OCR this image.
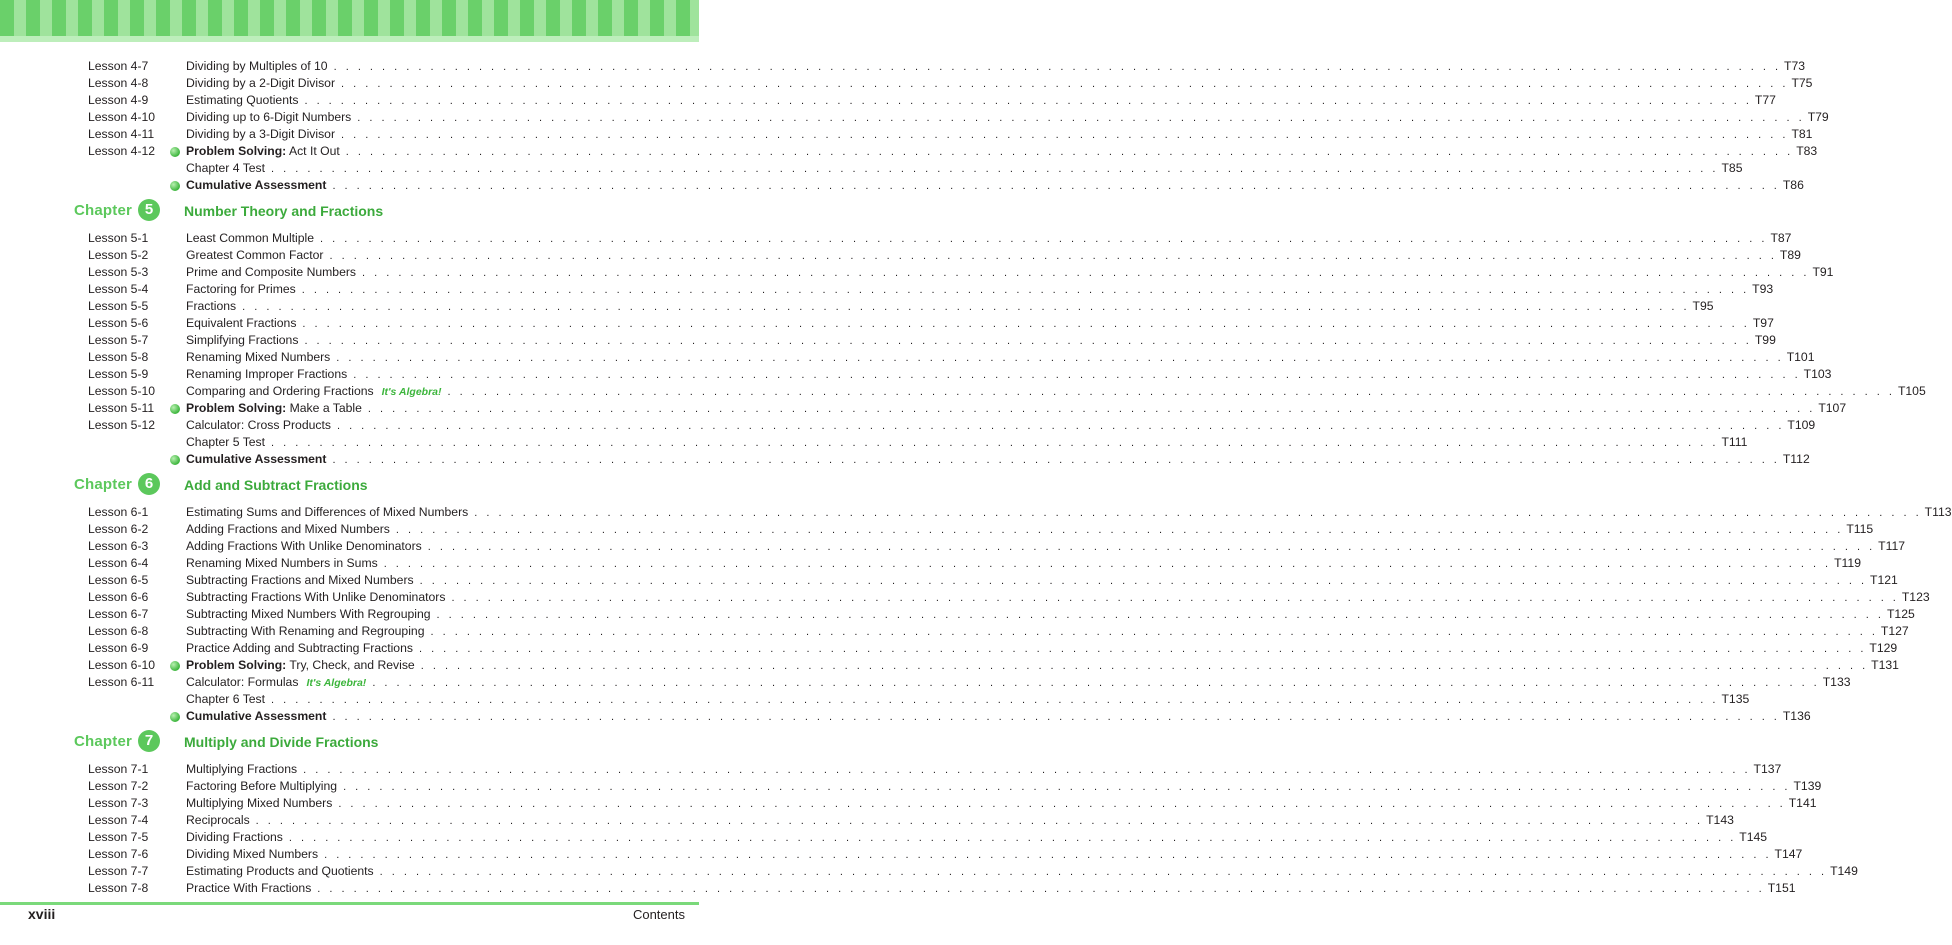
Lesson 4-7	Dividing by Multiples of 10 . . . . . . . . . . . . . . . . . . . . . . . . . . . . . . . . . . . . . . . . . . . . . . . . . . . . . . . . . . . . . . . . . . . . . . . . . . . . . . . . . . . . . . . . . . . . . . . . . . . . . . . . . . . . . . . . . . . . . . . . T73
Lesson 4-8	Dividing by a 2-Digit Divisor . . . . . . . . . . . . . . . . . . . . . . . . . . . . . . . . . . . . . . . . . . . . . . . . . . . . . . . . . . . . . . . . . . . . . . . . . . . . . . . . . . . . . . . . . . . . . . . . . . . . . . . . . . . . . . . . . . . . . . . . T75
Lesson 4-9	Estimating Quotients . . . . . . . . . . . . . . . . . . . . . . . . . . . . . . . . . . . . . . . . . . . . . . . . . . . . . . . . . . . . . . . . . . . . . . . . . . . . . . . . . . . . . . . . . . . . . . . . . . . . . . . . . . . . . . . . . . . . . . . . T77
Lesson 4-10	Dividing up to 6-Digit Numbers . . . . . . . . . . . . . . . . . . . . . . . . . . . . . . . . . . . . . . . . . . . . . . . . . . . . . . . . . . . . . . . . . . . . . . . . . . . . . . . . . . . . . . . . . . . . . . . . . . . . . . . . . . . . . . . . . . . . . . . . T79
Lesson 4-11	Dividing by a 3-Digit Divisor . . . . . . . . . . . . . . . . . . . . . . . . . . . . . . . . . . . . . . . . . . . . . . . . . . . . . . . . . . . . . . . . . . . . . . . . . . . . . . . . . . . . . . . . . . . . . . . . . . . . . . . . . . . . . . . . . . . . . . . . T81
Lesson 4-12	Problem Solving: Act It Out . . . . . . . . . . . . . . . . . . . . . . . . . . . . . . . . . . . . . . . . . . . . . . . . . . . . . . . . . . . . . . . . . . . . . . . . . . . . . . . . . . . . . . . . . . . . . . . . . . . . . . . . . . . . . . . . . . . . . . . . T83
Chapter 4 Test . . . . . . . . . . . . . . . . . . . . . . . . . . . . . . . . . . . . . . . . . . . . . . . . . . . . . . . . . . . . . . . . . . . . . . . . . . . . . . . . . . . . . . . . . . . . . . . . . . . . . . . . . . . . . . . . . . . . . . . . T85
Cumulative Assessment . . . . . . . . . . . . . . . . . . . . . . . . . . . . . . . . . . . . . . . . . . . . . . . . . . . . . . . . . . . . . . . . . . . . . . . . . . . . . . . . . . . . . . . . . . . . . . . . . . . . . . . . . . . . . . . . . . . . . . . . T86
Chapter 5	Number Theory and Fractions
Lesson 5-1	Least Common Multiple . . . . . . . . . . . . . . . . . . . . . . . . . . . . . . . . . . . . . . . . . . . . . . . . . . . . . . . . . . . . . . . . . . . . . . . . . . . . . . . . . . . . . . . . . . . . . . . . . . . . . . . . . . . . . . . . . . . . . . . . T87
Lesson 5-2	Greatest Common Factor . . . . . . . . . . . . . . . . . . . . . . . . . . . . . . . . . . . . . . . . . . . . . . . . . . . . . . . . . . . . . . . . . . . . . . . . . . . . . . . . . . . . . . . . . . . . . . . . . . . . . . . . . . . . . . . . . . . . . . . . T89
Lesson 5-3	Prime and Composite Numbers . . . . . . . . . . . . . . . . . . . . . . . . . . . . . . . . . . . . . . . . . . . . . . . . . . . . . . . . . . . . . . . . . . . . . . . . . . . . . . . . . . . . . . . . . . . . . . . . . . . . . . . . . . . . . . . . . . . . . . . . T91
Lesson 5-4	Factoring for Primes . . . . . . . . . . . . . . . . . . . . . . . . . . . . . . . . . . . . . . . . . . . . . . . . . . . . . . . . . . . . . . . . . . . . . . . . . . . . . . . . . . . . . . . . . . . . . . . . . . . . . . . . . . . . . . . . . . . . . . . . T93
Lesson 5-5	Fractions . . . . . . . . . . . . . . . . . . . . . . . . . . . . . . . . . . . . . . . . . . . . . . . . . . . . . . . . . . . . . . . . . . . . . . . . . . . . . . . . . . . . . . . . . . . . . . . . . . . . . . . . . . . . . . . . . . . . . . . . T95
Lesson 5-6	Equivalent Fractions . . . . . . . . . . . . . . . . . . . . . . . . . . . . . . . . . . . . . . . . . . . . . . . . . . . . . . . . . . . . . . . . . . . . . . . . . . . . . . . . . . . . . . . . . . . . . . . . . . . . . . . . . . . . . . . . . . . . . . . . T97
Lesson 5-7	Simplifying Fractions . . . . . . . . . . . . . . . . . . . . . . . . . . . . . . . . . . . . . . . . . . . . . . . . . . . . . . . . . . . . . . . . . . . . . . . . . . . . . . . . . . . . . . . . . . . . . . . . . . . . . . . . . . . . . . . . . . . . . . . . T99
Lesson 5-8	Renaming Mixed Numbers . . . . . . . . . . . . . . . . . . . . . . . . . . . . . . . . . . . . . . . . . . . . . . . . . . . . . . . . . . . . . . . . . . . . . . . . . . . . . . . . . . . . . . . . . . . . . . . . . . . . . . . . . . . . . . . . . . . . . . . . T101
Lesson 5-9	Renaming Improper Fractions . . . . . . . . . . . . . . . . . . . . . . . . . . . . . . . . . . . . . . . . . . . . . . . . . . . . . . . . . . . . . . . . . . . . . . . . . . . . . . . . . . . . . . . . . . . . . . . . . . . . . . . . . . . . . . . . . . . . . . . . T103
Lesson 5-10	Comparing and Ordering Fractions It's Algebra! . . . . . . . . . . . . . . . . . . . . . . . . . . . . . . . . . . . . . . . . . . . . . . . . . . . . . . . . . . . . . . . . . . . . . . . . . . . . . . . . . . . . . . . . . . . . . . . . . . . . . . . . . . . . . . . . . . . . . . . . T105
Lesson 5-11	Problem Solving: Make a Table . . . . . . . . . . . . . . . . . . . . . . . . . . . . . . . . . . . . . . . . . . . . . . . . . . . . . . . . . . . . . . . . . . . . . . . . . . . . . . . . . . . . . . . . . . . . . . . . . . . . . . . . . . . . . . . . . . . . . . . . T107
Lesson 5-12	Calculator: Cross Products . . . . . . . . . . . . . . . . . . . . . . . . . . . . . . . . . . . . . . . . . . . . . . . . . . . . . . . . . . . . . . . . . . . . . . . . . . . . . . . . . . . . . . . . . . . . . . . . . . . . . . . . . . . . . . . . . . . . . . . . T109
Chapter 5 Test . . . . . . . . . . . . . . . . . . . . . . . . . . . . . . . . . . . . . . . . . . . . . . . . . . . . . . . . . . . . . . . . . . . . . . . . . . . . . . . . . . . . . . . . . . . . . . . . . . . . . . . . . . . . . . . . . . . . . . . . T111
Cumulative Assessment . . . . . . . . . . . . . . . . . . . . . . . . . . . . . . . . . . . . . . . . . . . . . . . . . . . . . . . . . . . . . . . . . . . . . . . . . . . . . . . . . . . . . . . . . . . . . . . . . . . . . . . . . . . . . . . . . . . . . . . . T112
Chapter 6	Add and Subtract Fractions
Lesson 6-1	Estimating Sums and Differences of Mixed Numbers . . . . . . . . . . . . . . . . . . . . . . . . . . . . . . . . . . . . . . . . . . . . . . . . . . . . . . . . . . . . . . . . . . . . . . . . . . . . . . . . . . . . . . . . . . . . . . . . . . . . . . . . . . . . . . . . . . . . . . . . T113
Lesson 6-2	Adding Fractions and Mixed Numbers . . . . . . . . . . . . . . . . . . . . . . . . . . . . . . . . . . . . . . . . . . . . . . . . . . . . . . . . . . . . . . . . . . . . . . . . . . . . . . . . . . . . . . . . . . . . . . . . . . . . . . . . . . . . . . . . . . . . . . . . T115
Lesson 6-3	Adding Fractions With Unlike Denominators . . . . . . . . . . . . . . . . . . . . . . . . . . . . . . . . . . . . . . . . . . . . . . . . . . . . . . . . . . . . . . . . . . . . . . . . . . . . . . . . . . . . . . . . . . . . . . . . . . . . . . . . . . . . . . . . . . . . . . . . T117
Lesson 6-4	Renaming Mixed Numbers in Sums . . . . . . . . . . . . . . . . . . . . . . . . . . . . . . . . . . . . . . . . . . . . . . . . . . . . . . . . . . . . . . . . . . . . . . . . . . . . . . . . . . . . . . . . . . . . . . . . . . . . . . . . . . . . . . . . . . . . . . . . T119
Lesson 6-5	Subtracting Fractions and Mixed Numbers . . . . . . . . . . . . . . . . . . . . . . . . . . . . . . . . . . . . . . . . . . . . . . . . . . . . . . . . . . . . . . . . . . . . . . . . . . . . . . . . . . . . . . . . . . . . . . . . . . . . . . . . . . . . . . . . . . . . . . . . T121
Lesson 6-6	Subtracting Fractions With Unlike Denominators . . . . . . . . . . . . . . . . . . . . . . . . . . . . . . . . . . . . . . . . . . . . . . . . . . . . . . . . . . . . . . . . . . . . . . . . . . . . . . . . . . . . . . . . . . . . . . . . . . . . . . . . . . . . . . . . . . . . . . . . T123
Lesson 6-7	Subtracting Mixed Numbers With Regrouping . . . . . . . . . . . . . . . . . . . . . . . . . . . . . . . . . . . . . . . . . . . . . . . . . . . . . . . . . . . . . . . . . . . . . . . . . . . . . . . . . . . . . . . . . . . . . . . . . . . . . . . . . . . . . . . . . . . . . . . . T125
Lesson 6-8	Subtracting With Renaming and Regrouping . . . . . . . . . . . . . . . . . . . . . . . . . . . . . . . . . . . . . . . . . . . . . . . . . . . . . . . . . . . . . . . . . . . . . . . . . . . . . . . . . . . . . . . . . . . . . . . . . . . . . . . . . . . . . . . . . . . . . . . . T127
Lesson 6-9	Practice Adding and Subtracting Fractions . . . . . . . . . . . . . . . . . . . . . . . . . . . . . . . . . . . . . . . . . . . . . . . . . . . . . . . . . . . . . . . . . . . . . . . . . . . . . . . . . . . . . . . . . . . . . . . . . . . . . . . . . . . . . . . . . . . . . . . . T129
Lesson 6-10	Problem Solving: Try, Check, and Revise . . . . . . . . . . . . . . . . . . . . . . . . . . . . . . . . . . . . . . . . . . . . . . . . . . . . . . . . . . . . . . . . . . . . . . . . . . . . . . . . . . . . . . . . . . . . . . . . . . . . . . . . . . . . . . . . . . . . . . . . T131
Lesson 6-11	Calculator: Formulas It's Algebra! . . . . . . . . . . . . . . . . . . . . . . . . . . . . . . . . . . . . . . . . . . . . . . . . . . . . . . . . . . . . . . . . . . . . . . . . . . . . . . . . . . . . . . . . . . . . . . . . . . . . . . . . . . . . . . . . . . . . . . . . T133
Chapter 6 Test . . . . . . . . . . . . . . . . . . . . . . . . . . . . . . . . . . . . . . . . . . . . . . . . . . . . . . . . . . . . . . . . . . . . . . . . . . . . . . . . . . . . . . . . . . . . . . . . . . . . . . . . . . . . . . . . . . . . . . . . T135
Cumulative Assessment . . . . . . . . . . . . . . . . . . . . . . . . . . . . . . . . . . . . . . . . . . . . . . . . . . . . . . . . . . . . . . . . . . . . . . . . . . . . . . . . . . . . . . . . . . . . . . . . . . . . . . . . . . . . . . . . . . . . . . . . T136
Chapter 7	Multiply and Divide Fractions
Lesson 7-1	Multiplying Fractions . . . . . . . . . . . . . . . . . . . . . . . . . . . . . . . . . . . . . . . . . . . . . . . . . . . . . . . . . . . . . . . . . . . . . . . . . . . . . . . . . . . . . . . . . . . . . . . . . . . . . . . . . . . . . . . . . . . . . . . . T137
Lesson 7-2	Factoring Before Multiplying . . . . . . . . . . . . . . . . . . . . . . . . . . . . . . . . . . . . . . . . . . . . . . . . . . . . . . . . . . . . . . . . . . . . . . . . . . . . . . . . . . . . . . . . . . . . . . . . . . . . . . . . . . . . . . . . . . . . . . . . T139
Lesson 7-3	Multiplying Mixed Numbers . . . . . . . . . . . . . . . . . . . . . . . . . . . . . . . . . . . . . . . . . . . . . . . . . . . . . . . . . . . . . . . . . . . . . . . . . . . . . . . . . . . . . . . . . . . . . . . . . . . . . . . . . . . . . . . . . . . . . . . . T141
Lesson 7-4	Reciprocals . . . . . . . . . . . . . . . . . . . . . . . . . . . . . . . . . . . . . . . . . . . . . . . . . . . . . . . . . . . . . . . . . . . . . . . . . . . . . . . . . . . . . . . . . . . . . . . . . . . . . . . . . . . . . . . . . . . . . . . . T143
Lesson 7-5	Dividing Fractions . . . . . . . . . . . . . . . . . . . . . . . . . . . . . . . . . . . . . . . . . . . . . . . . . . . . . . . . . . . . . . . . . . . . . . . . . . . . . . . . . . . . . . . . . . . . . . . . . . . . . . . . . . . . . . . . . . . . . . . . T145
Lesson 7-6	Dividing Mixed Numbers . . . . . . . . . . . . . . . . . . . . . . . . . . . . . . . . . . . . . . . . . . . . . . . . . . . . . . . . . . . . . . . . . . . . . . . . . . . . . . . . . . . . . . . . . . . . . . . . . . . . . . . . . . . . . . . . . . . . . . . . T147
Lesson 7-7	Estimating Products and Quotients . . . . . . . . . . . . . . . . . . . . . . . . . . . . . . . . . . . . . . . . . . . . . . . . . . . . . . . . . . . . . . . . . . . . . . . . . . . . . . . . . . . . . . . . . . . . . . . . . . . . . . . . . . . . . . . . . . . . . . . . T149
Lesson 7-8	Practice With Fractions . . . . . . . . . . . . . . . . . . . . . . . . . . . . . . . . . . . . . . . . . . . . . . . . . . . . . . . . . . . . . . . . . . . . . . . . . . . . . . . . . . . . . . . . . . . . . . . . . . . . . . . . . . . . . . . . . . . . . . . . T151
xviii	Contents
